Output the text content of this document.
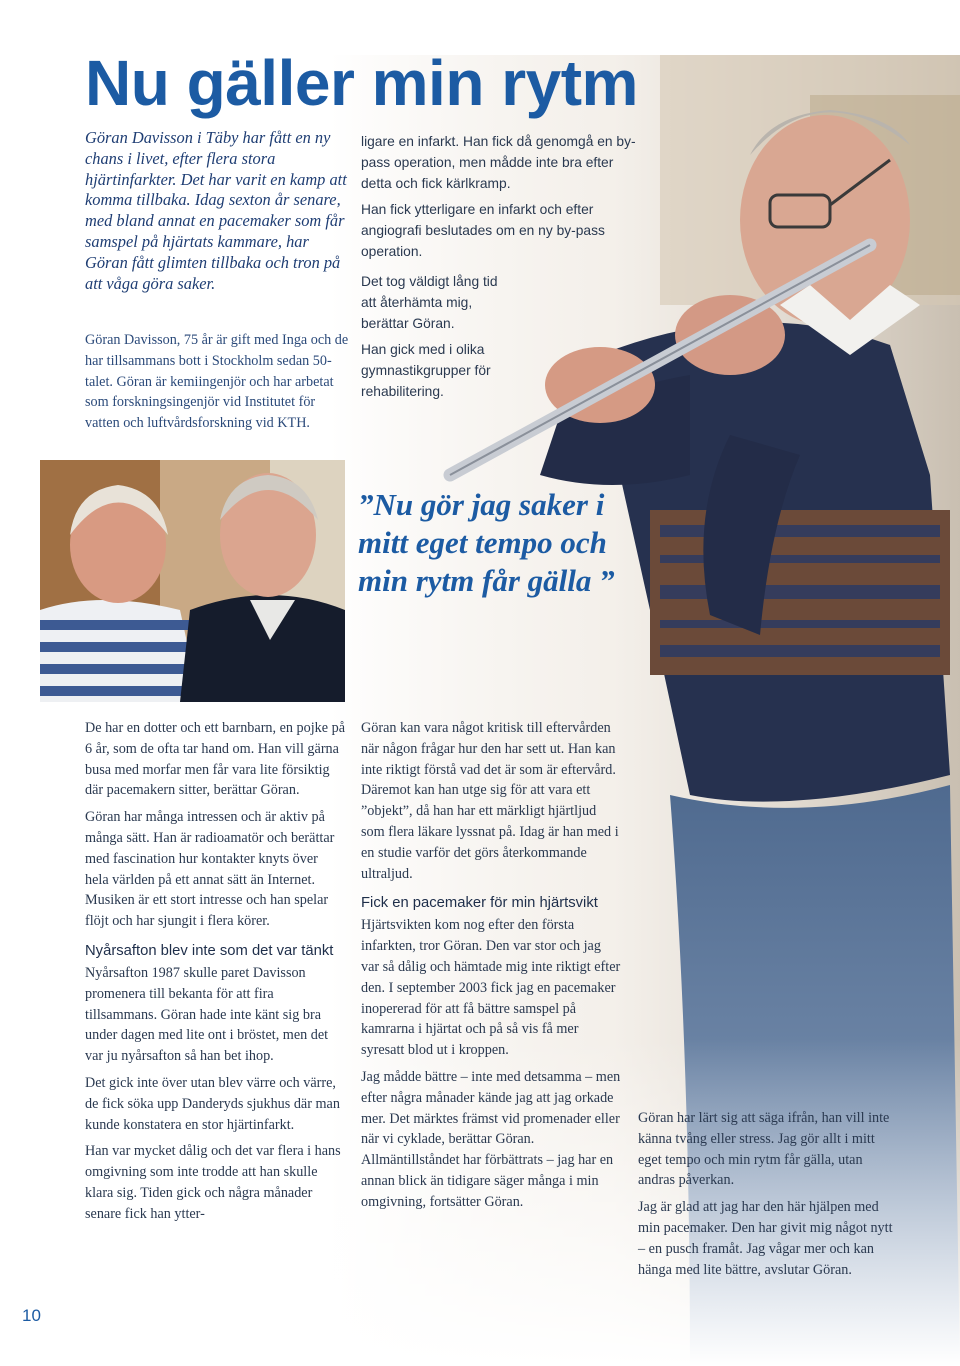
Nu gäller min rytm

Göran Davisson i Täby har fått en ny chans i livet, efter flera stora hjärtinfarkter. Det har varit en kamp att komma tillbaka. Idag sexton år senare, med bland annat en pacemaker som får samspel på hjärtats kammare, har Göran fått glimten tillbaka och tron på att våga göra saker.

Göran Davisson, 75 år är gift med Inga och de har tillsammans bott i Stockholm sedan 50-talet. Göran är kemiingenjör och har arbetat som forskningsingenjör vid Institutet för vatten och luftvårdsforskning vid KTH.

ligare en infarkt. Han fick då genomgå en by-pass operation, men mådde inte bra efter detta och fick kärlkramp.

Han fick ytterligare en infarkt och efter angiografi beslutades om en ny by-pass operation.

Det tog väldigt lång tid att återhämta mig, berättar Göran.

Han gick med i olika gymnastikgrupper för rehabilitering.

”Nu gör jag saker i mitt eget tempo och min rytm får gälla ”

De har en dotter och ett barnbarn, en pojke på 6 år, som de ofta tar hand om. Han vill gärna busa med morfar men får vara lite försiktig där pacemakern sitter, berättar Göran.

Göran har många intressen och är aktiv på många sätt. Han är radioamatör och berättar med fascination hur kontakter knyts över hela världen på ett annat sätt än Internet. Musiken är ett stort intresse och han spelar flöjt och har sjungit i flera körer.

Nyårsafton blev inte som det var tänkt

Nyårsafton 1987 skulle paret Davisson promenera till bekanta för att fira tillsammans. Göran hade inte känt sig bra under dagen med lite ont i bröstet, men det var ju nyårsafton så han bet ihop.

Det gick inte över utan blev värre och värre, de fick söka upp Danderyds sjukhus där man kunde konstatera en stor hjärtinfarkt.

Han var mycket dålig och det var flera i hans omgivning som inte trodde att han skulle klara sig. Tiden gick och några månader senare fick han ytter-

Göran kan vara något kritisk till eftervården när någon frågar hur den har sett ut. Han kan inte riktigt förstå vad det är som är eftervård. Däremot kan han utge sig för att vara ett ”objekt”, då han har ett märkligt hjärtljud som flera läkare lyssnat på. Idag är han med i en studie varför det görs återkommande ultraljud.

Fick en pacemaker för min hjärtsvikt

Hjärtsvikten kom nog efter den första infarkten, tror Göran. Den var stor och jag var så dålig och hämtade mig inte riktigt efter den. I september 2003 fick jag en pacemaker inopererad för att få bättre samspel på kamrarna i hjärtat och på så vis få mer syresatt blod ut i kroppen.

Jag mådde bättre – inte med detsamma – men efter några månader kände jag att jag orkade mer. Det märktes främst vid promenader eller när vi cyklade, berättar Göran. Allmäntillståndet har förbättrats – jag har en annan blick än tidigare säger många i min omgivning, fortsätter Göran.

Göran har lärt sig att säga ifrån, han vill inte känna tvång eller stress. Jag gör allt i mitt eget tempo och min rytm får gälla, utan andras påverkan.

Jag är glad att jag har den här hjälpen med min pacemaker. Den har givit mig något nytt – en pusch framåt. Jag vågar mer och kan hänga med lite bättre, avslutar Göran.

10
